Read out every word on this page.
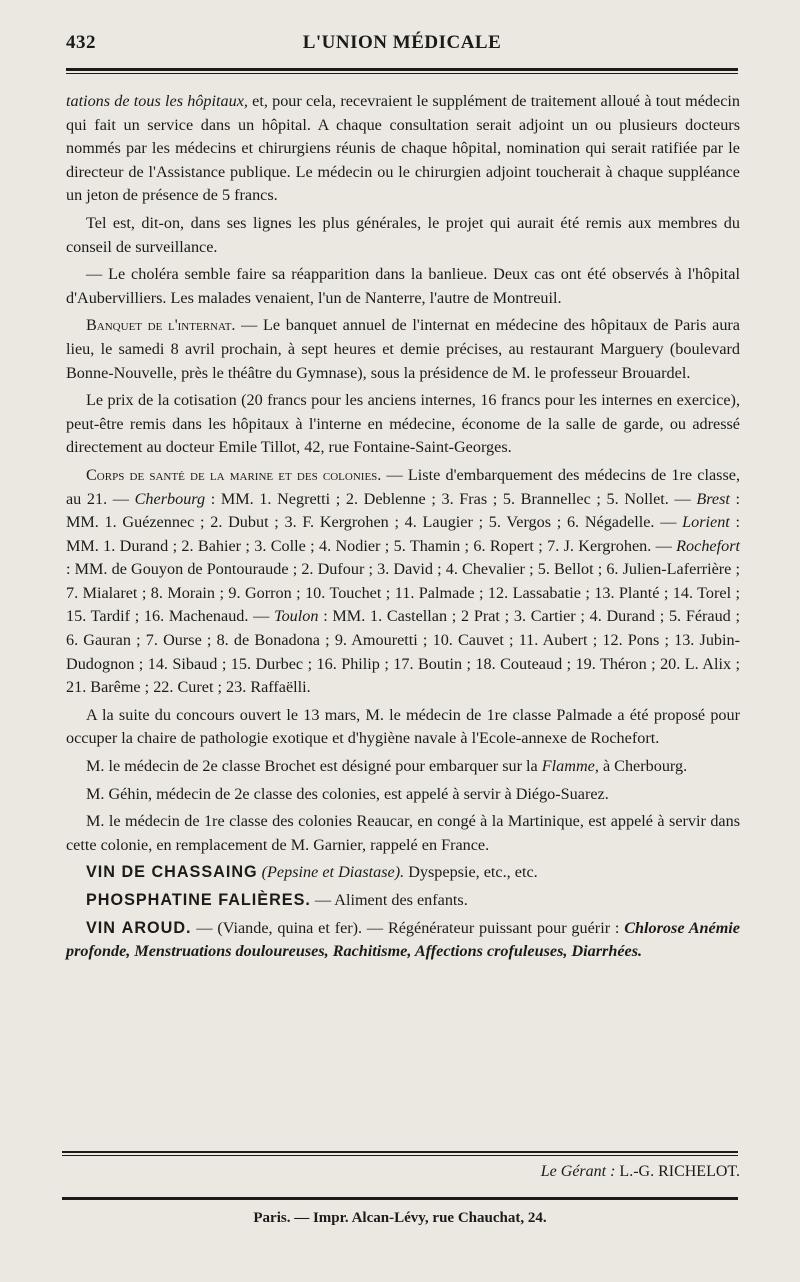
432	L'UNION MÉDICALE

tations de tous les hôpitaux, et, pour cela, recevraient le supplément de traitement alloué à tout médecin qui fait un service dans un hôpital. A chaque consultation serait adjoint un ou plusieurs docteurs nommés par les médecins et chirurgiens réunis de chaque hôpital, nomination qui serait ratifiée par le directeur de l'Assistance publique. Le médecin ou le chirurgien adjoint toucherait à chaque suppléance un jeton de présence de 5 francs.

Tel est, dit-on, dans ses lignes les plus générales, le projet qui aurait été remis aux membres du conseil de surveillance.

— Le choléra semble faire sa réapparition dans la banlieue. Deux cas ont été observés à l'hôpital d'Aubervilliers. Les malades venaient, l'un de Nanterre, l'autre de Montreuil.

Banquet de l'internat. — Le banquet annuel de l'internat en médecine des hôpitaux de Paris aura lieu, le samedi 8 avril prochain, à sept heures et demie précises, au restaurant Marguery (boulevard Bonne-Nouvelle, près le théâtre du Gymnase), sous la présidence de M. le professeur Brouardel.

Le prix de la cotisation (20 francs pour les anciens internes, 16 francs pour les internes en exercice), peut-être remis dans les hôpitaux à l'interne en médecine, économe de la salle de garde, ou adressé directement au docteur Emile Tillot, 42, rue Fontaine-Saint-Georges.

Corps de santé de la marine et des colonies. — Liste d'embarquement des médecins de 1re classe, au 21. — Cherbourg : MM. 1. Negretti ; 2. Deblenne ; 3. Fras ; 5. Brannellec ; 5. Nollet. — Brest : MM. 1. Guézennec ; 2. Dubut ; 3. F. Kergrohen ; 4. Laugier ; 5. Vergos ; 6. Négadelle. — Lorient : MM. 1. Durand ; 2. Bahier ; 3. Colle ; 4. Nodier ; 5. Thamin ; 6. Ropert ; 7. J. Kergrohen. — Rochefort : MM. de Gouyon de Pontouraude ; 2. Dufour ; 3. David ; 4. Chevalier ; 5. Bellot ; 6. Julien-Laferrière ; 7. Mialaret ; 8. Morain ; 9. Gorron ; 10. Touchet ; 11. Palmade ; 12. Lassabatie ; 13. Planté ; 14. Torel ; 15. Tardif ; 16. Machenaud. — Toulon : MM. 1. Castellan ; 2 Prat ; 3. Cartier ; 4. Durand ; 5. Féraud ; 6. Gauran ; 7. Ourse ; 8. de Bonadona ; 9. Amouretti ; 10. Cauvet ; 11. Aubert ; 12. Pons ; 13. Jubin-Dudognon ; 14. Sibaud ; 15. Durbec ; 16. Philip ; 17. Boutin ; 18. Couteaud ; 19. Théron ; 20. L. Alix ; 21. Barême ; 22. Curet ; 23. Raffaëlli.

A la suite du concours ouvert le 13 mars, M. le médecin de 1re classe Palmade a été proposé pour occuper la chaire de pathologie exotique et d'hygiène navale à l'Ecole-annexe de Rochefort.

M. le médecin de 2e classe Brochet est désigné pour embarquer sur la Flamme, à Cherbourg.

M. Géhin, médecin de 2e classe des colonies, est appelé à servir à Diégo-Suarez.

M. le médecin de 1re classe des colonies Reaucar, en congé à la Martinique, est appelé à servir dans cette colonie, en remplacement de M. Garnier, rappelé en France.

VIN DE CHASSAING (Pepsine et Diastase). Dyspepsie, etc., etc.

PHOSPHATINE FALIÈRES. — Aliment des enfants.

VIN AROUD. — (Viande, quina et fer). — Régénérateur puissant pour guérir : Chlorose Anémie profonde, Menstruations douloureuses, Rachitisme, Affections crofuleuses, Diarrhées.

Le Gérant : L.-G. RICHELOT.
Paris. — Impr. Alcan-Lévy, rue Chauchat, 24.
